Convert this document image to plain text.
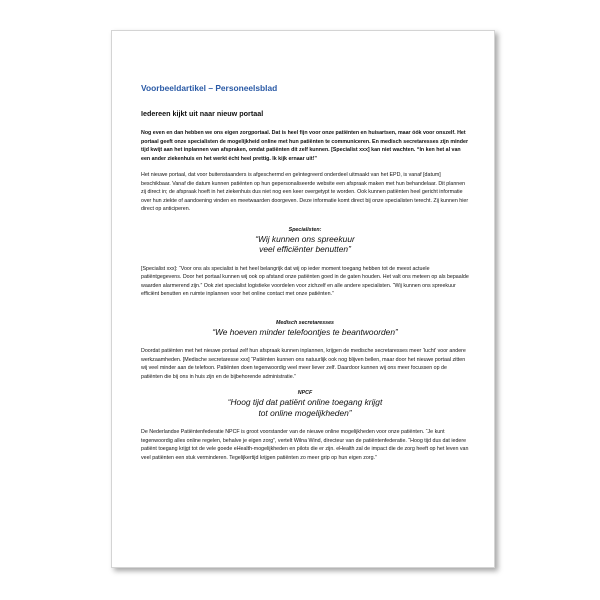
Voorbeeldartikel – Personeelsblad
Iedereen kijkt uit naar nieuw portaal

Nog even en dan hebben we ons eigen zorgportaal. Dat is heel fijn voor onze patiënten en huisartsen, maar óók voor onszelf. Het portaal geeft onze specialisten de mogelijkheid online met hun patiënten te communiceren. En medisch secretaresses zijn minder tijd kwijt aan het inplannen van afspraken, omdat patiënten dit zelf kunnen. [Specialist xxx] kan niet wachten. “In ken het al van een ander ziekenhuis en het werkt écht heel prettig. Ik kijk ernaar uit!”

Het nieuwe portaal, dat voor buitenstaanders is afgeschermd en geïntegreerd onderdeel uitmaakt van het EPD, is vanaf [datum] beschikbaar. Vanaf die datum kunnen patiënten op hun gepersonaliseerde website een afspraak maken met hun behandelaar. Dit plannen zij direct in; de afspraak hoeft in het ziekenhuis dus niet nog een keer overgetypt te worden. Ook kunnen patiënten heel gericht informatie over hun ziekte of aandoening vinden en meetwaarden doorgeven. Deze informatie komt direct bij onze specialisten terecht. Zij kunnen hier direct op anticiperen.

Specialisten:
“Wij kunnen ons spreekuur
veel efficiënter benutten”

[Specialist xxx]: “Voor ons als specialist is het heel belangrijk dat wij op ieder moment toegang hebben tot de meest actuele patiëntgegevens. Door het portaal kunnen wij ook op afstand onze patiënten goed in de gaten houden. Het valt ons meteen op als bepaalde waarden alarmerend zijn.” Ook ziet specialist logistieke voordelen voor zichzelf en alle andere specialisten. “Wij kunnen ons spreekuur efficiënt benutten en ruimte inplannen voor het online contact met onze patiënten.”

Medisch secretaresses
“We hoeven minder telefoontjes te beantwoorden”

Doordat patiënten met het nieuwe portaal zelf hun afspraak kunnen inplannen, krijgen de medische secretaresses meer ‘lucht’ voor andere werkzaamheden. [Medische secretaresse xxx] “Patiënten kunnen ons natuurlijk ook nog blijven bellen, maar door het nieuwe portaal zitten wij veel minder aan de telefoon. Patiënten doen tegenwoordig veel meer liever zelf. Daardoor kunnen wij ons meer focussen op de patiënten die bij ons in huis zijn en de bijbehorende administratie.”

NPCF
“Hoog tijd dat patiënt online toegang krijgt
tot online mogelijkheden”

De Nederlandse Patiëntenfederatie NPCF is groot voorstander van de nieuwe online mogelijkheden voor onze patiënten. “Je kunt tegenwoordig alles online regelen, behalve je eigen zorg”, vertelt Wilna Wind, directeur van de patiëntenfederatie. “Hoog tijd dus dat iedere patiënt toegang krijgt tot de vele goede eHealth-mogelijkheden en pilots die er zijn. eHealth zal de impact die de zorg heeft op het leven van veel patiënten een stuk verminderen. Tegelijkertijd krijgen patiënten zo meer grip op hun eigen zorg.”
